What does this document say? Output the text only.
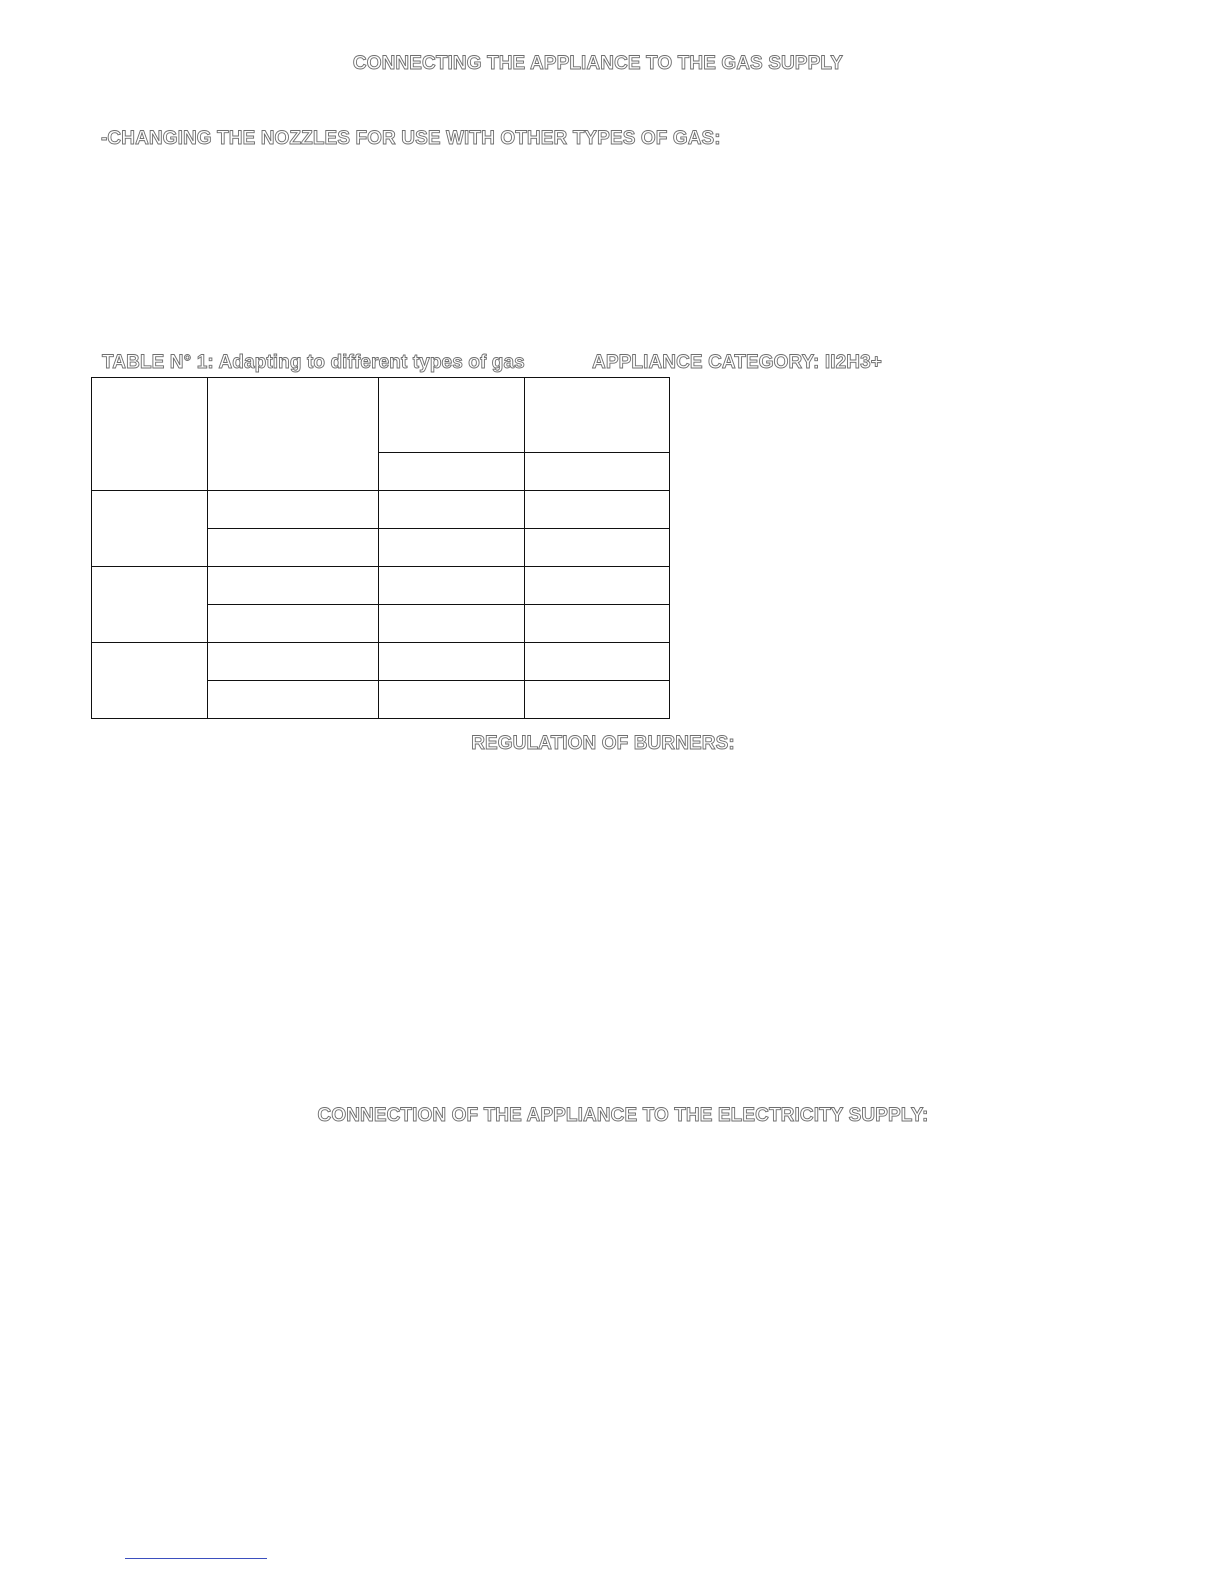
CONNECTING THE APPLIANCE TO THE GAS SUPPLY
-CHANGING THE NOZZLES FOR USE WITH OTHER TYPES OF GAS:
TABLE N° 1: Adapting to different types of gas	APPLIANCE CATEGORY: II2H3+

REGULATION OF BURNERS:
CONNECTION OF THE APPLIANCE TO THE ELECTRICITY SUPPLY:
